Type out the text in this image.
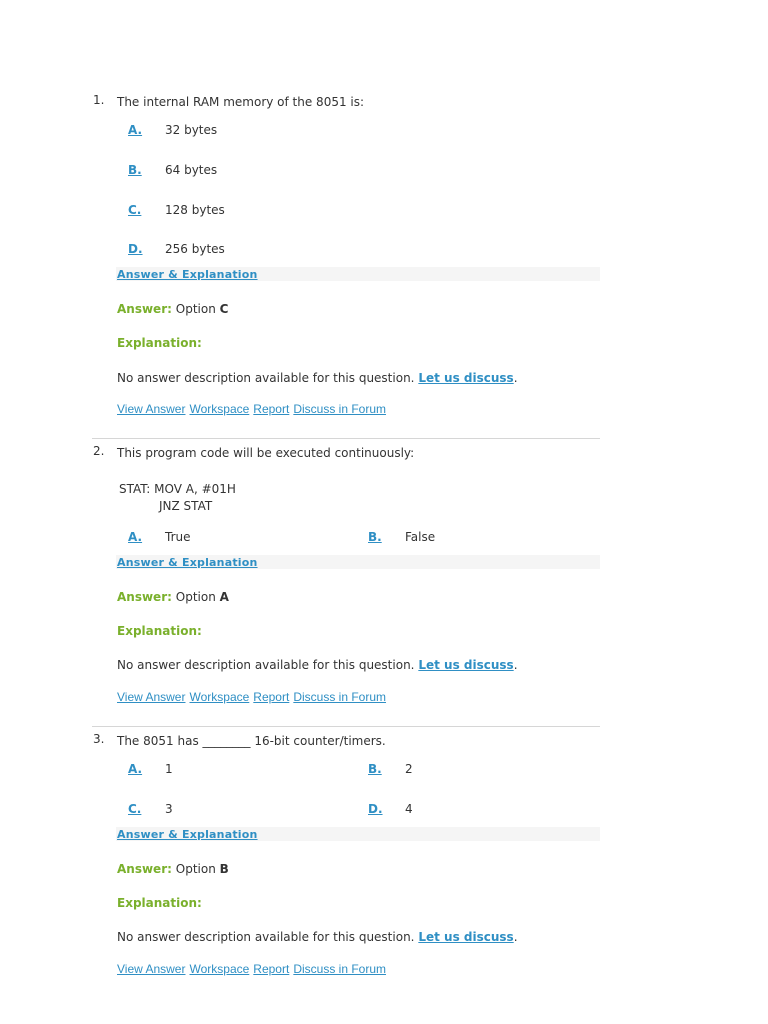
1. The internal RAM memory of the 8051 is:
A. 32 bytes
B. 64 bytes
C. 128 bytes
D. 256 bytes
Answer & Explanation
Answer: Option C
Explanation:
No answer description available for this question. Let us discuss.
View Answer Workspace Report Discuss in Forum
2. This program code will be executed continuously:
STAT: MOV A, #01H
JNZ STAT
A. True	B. False
Answer & Explanation
Answer: Option A
Explanation:
No answer description available for this question. Let us discuss.
View Answer Workspace Report Discuss in Forum
3. The 8051 has ________ 16-bit counter/timers.
A. 1	B. 2
C. 3	D. 4
Answer & Explanation
Answer: Option B
Explanation:
No answer description available for this question. Let us discuss.
View Answer Workspace Report Discuss in Forum
